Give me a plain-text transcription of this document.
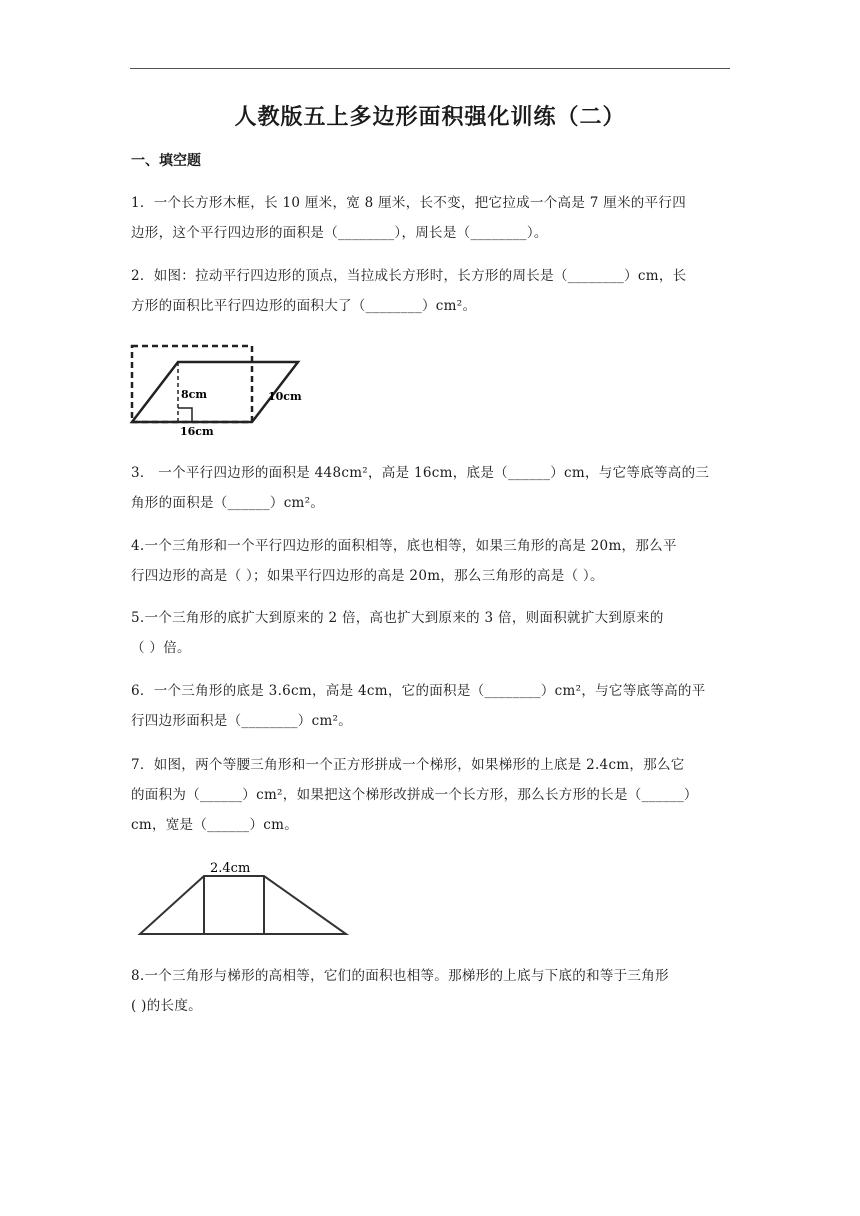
人教版五上多边形面积强化训练（二）
一、填空题

1．一个长方形木框，长 10 厘米，宽 8 厘米，长不变，把它拉成一个高是 7 厘米的平行四

边形，这个平行四边形的面积是（________），周长是（________）。

2．如图：拉动平行四边形的顶点，当拉成长方形时，长方形的周长是（________）cm，长

方形的面积比平行四边形的面积大了（________）cm²。

8cm	10cm
16cm

3． 一个平行四边形的面积是 448cm²，高是 16cm，底是（______）cm，与它等底等高的三

角形的面积是（______）cm²。

4.一个三角形和一个平行四边形的面积相等，底也相等，如果三角形的高是 20m，那么平

行四边形的高是（ ）；如果平行四边形的高是 20m，那么三角形的高是（ ）。

5.一个三角形的底扩大到原来的 2 倍，高也扩大到原来的 3 倍，则面积就扩大到原来的

（ ）倍。

6．一个三角形的底是 3.6cm，高是 4cm，它的面积是（________）cm²，与它等底等高的平

行四边形面积是（________）cm²。

7．如图，两个等腰三角形和一个正方形拼成一个梯形，如果梯形的上底是 2.4cm，那么它

的面积为（______）cm²，如果把这个梯形改拼成一个长方形，那么长方形的长是（______）

cm，宽是（______）cm。

2.4cm

8.一个三角形与梯形的高相等，它们的面积也相等。那梯形的上底与下底的和等于三角形

( )的长度。
